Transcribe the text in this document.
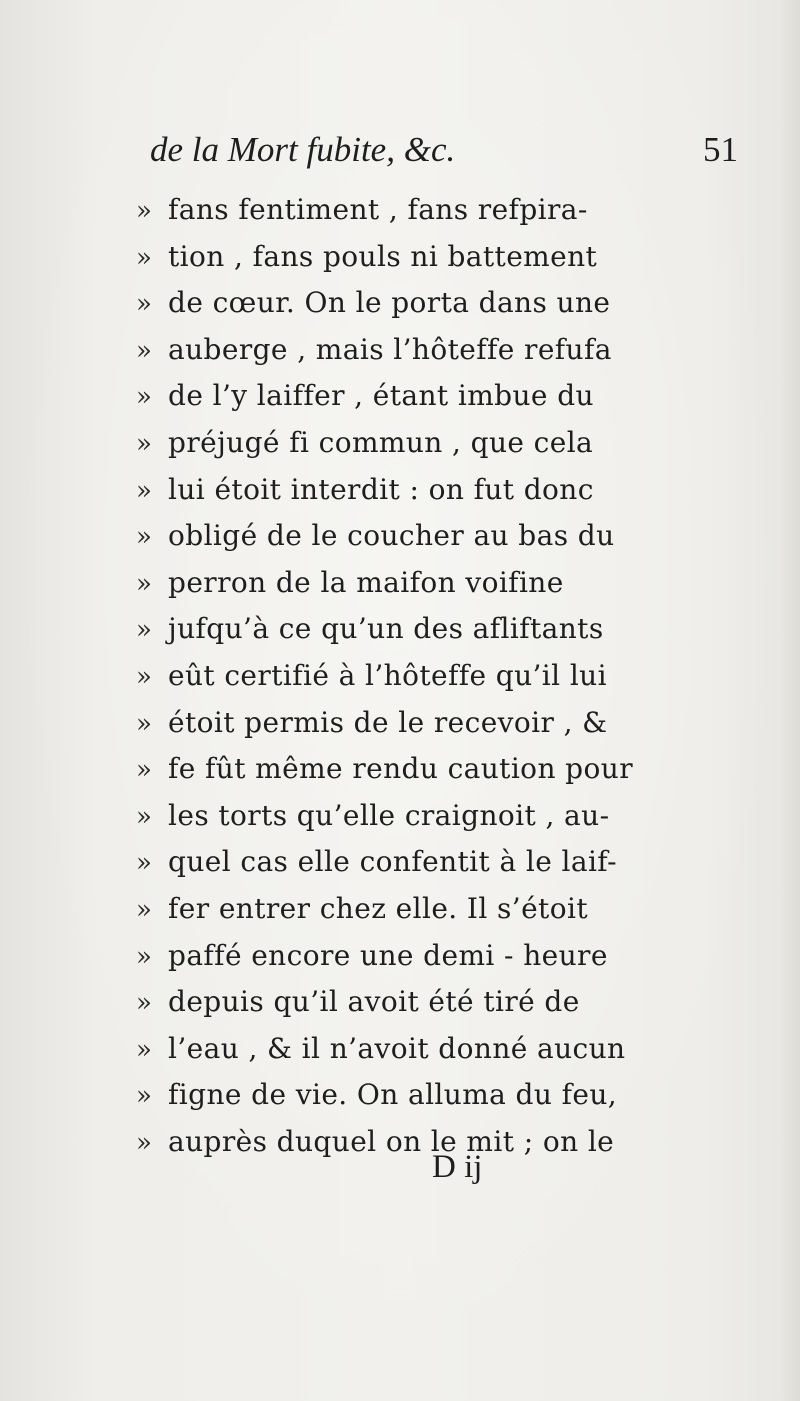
de la Mort fubite, &c.	51
» fans fentiment , fans refpira-
» tion , fans pouls ni battement
» de cœur. On le porta dans une
» auberge , mais l’hôteffe refufa
» de l’y laiffer , étant imbue du
» préjugé fi commun , que cela
» lui étoit interdit : on fut donc
» obligé de le coucher au bas du
» perron de la maifon voifine
» jufqu’à ce qu’un des afliftants
» eût certifié à l’hôteffe qu’il lui
» étoit permis de le recevoir , &
» fe fût même rendu caution pour
» les torts qu’elle craignoit , au-
» quel cas elle confentit à le laif-
» fer entrer chez elle. Il s’étoit
» paffé encore une demi - heure
» depuis qu’il avoit été tiré de
» l’eau , & il n’avoit donné aucun
» figne de vie. On alluma du feu,
» auprès duquel on le mit ; on le
D ij
